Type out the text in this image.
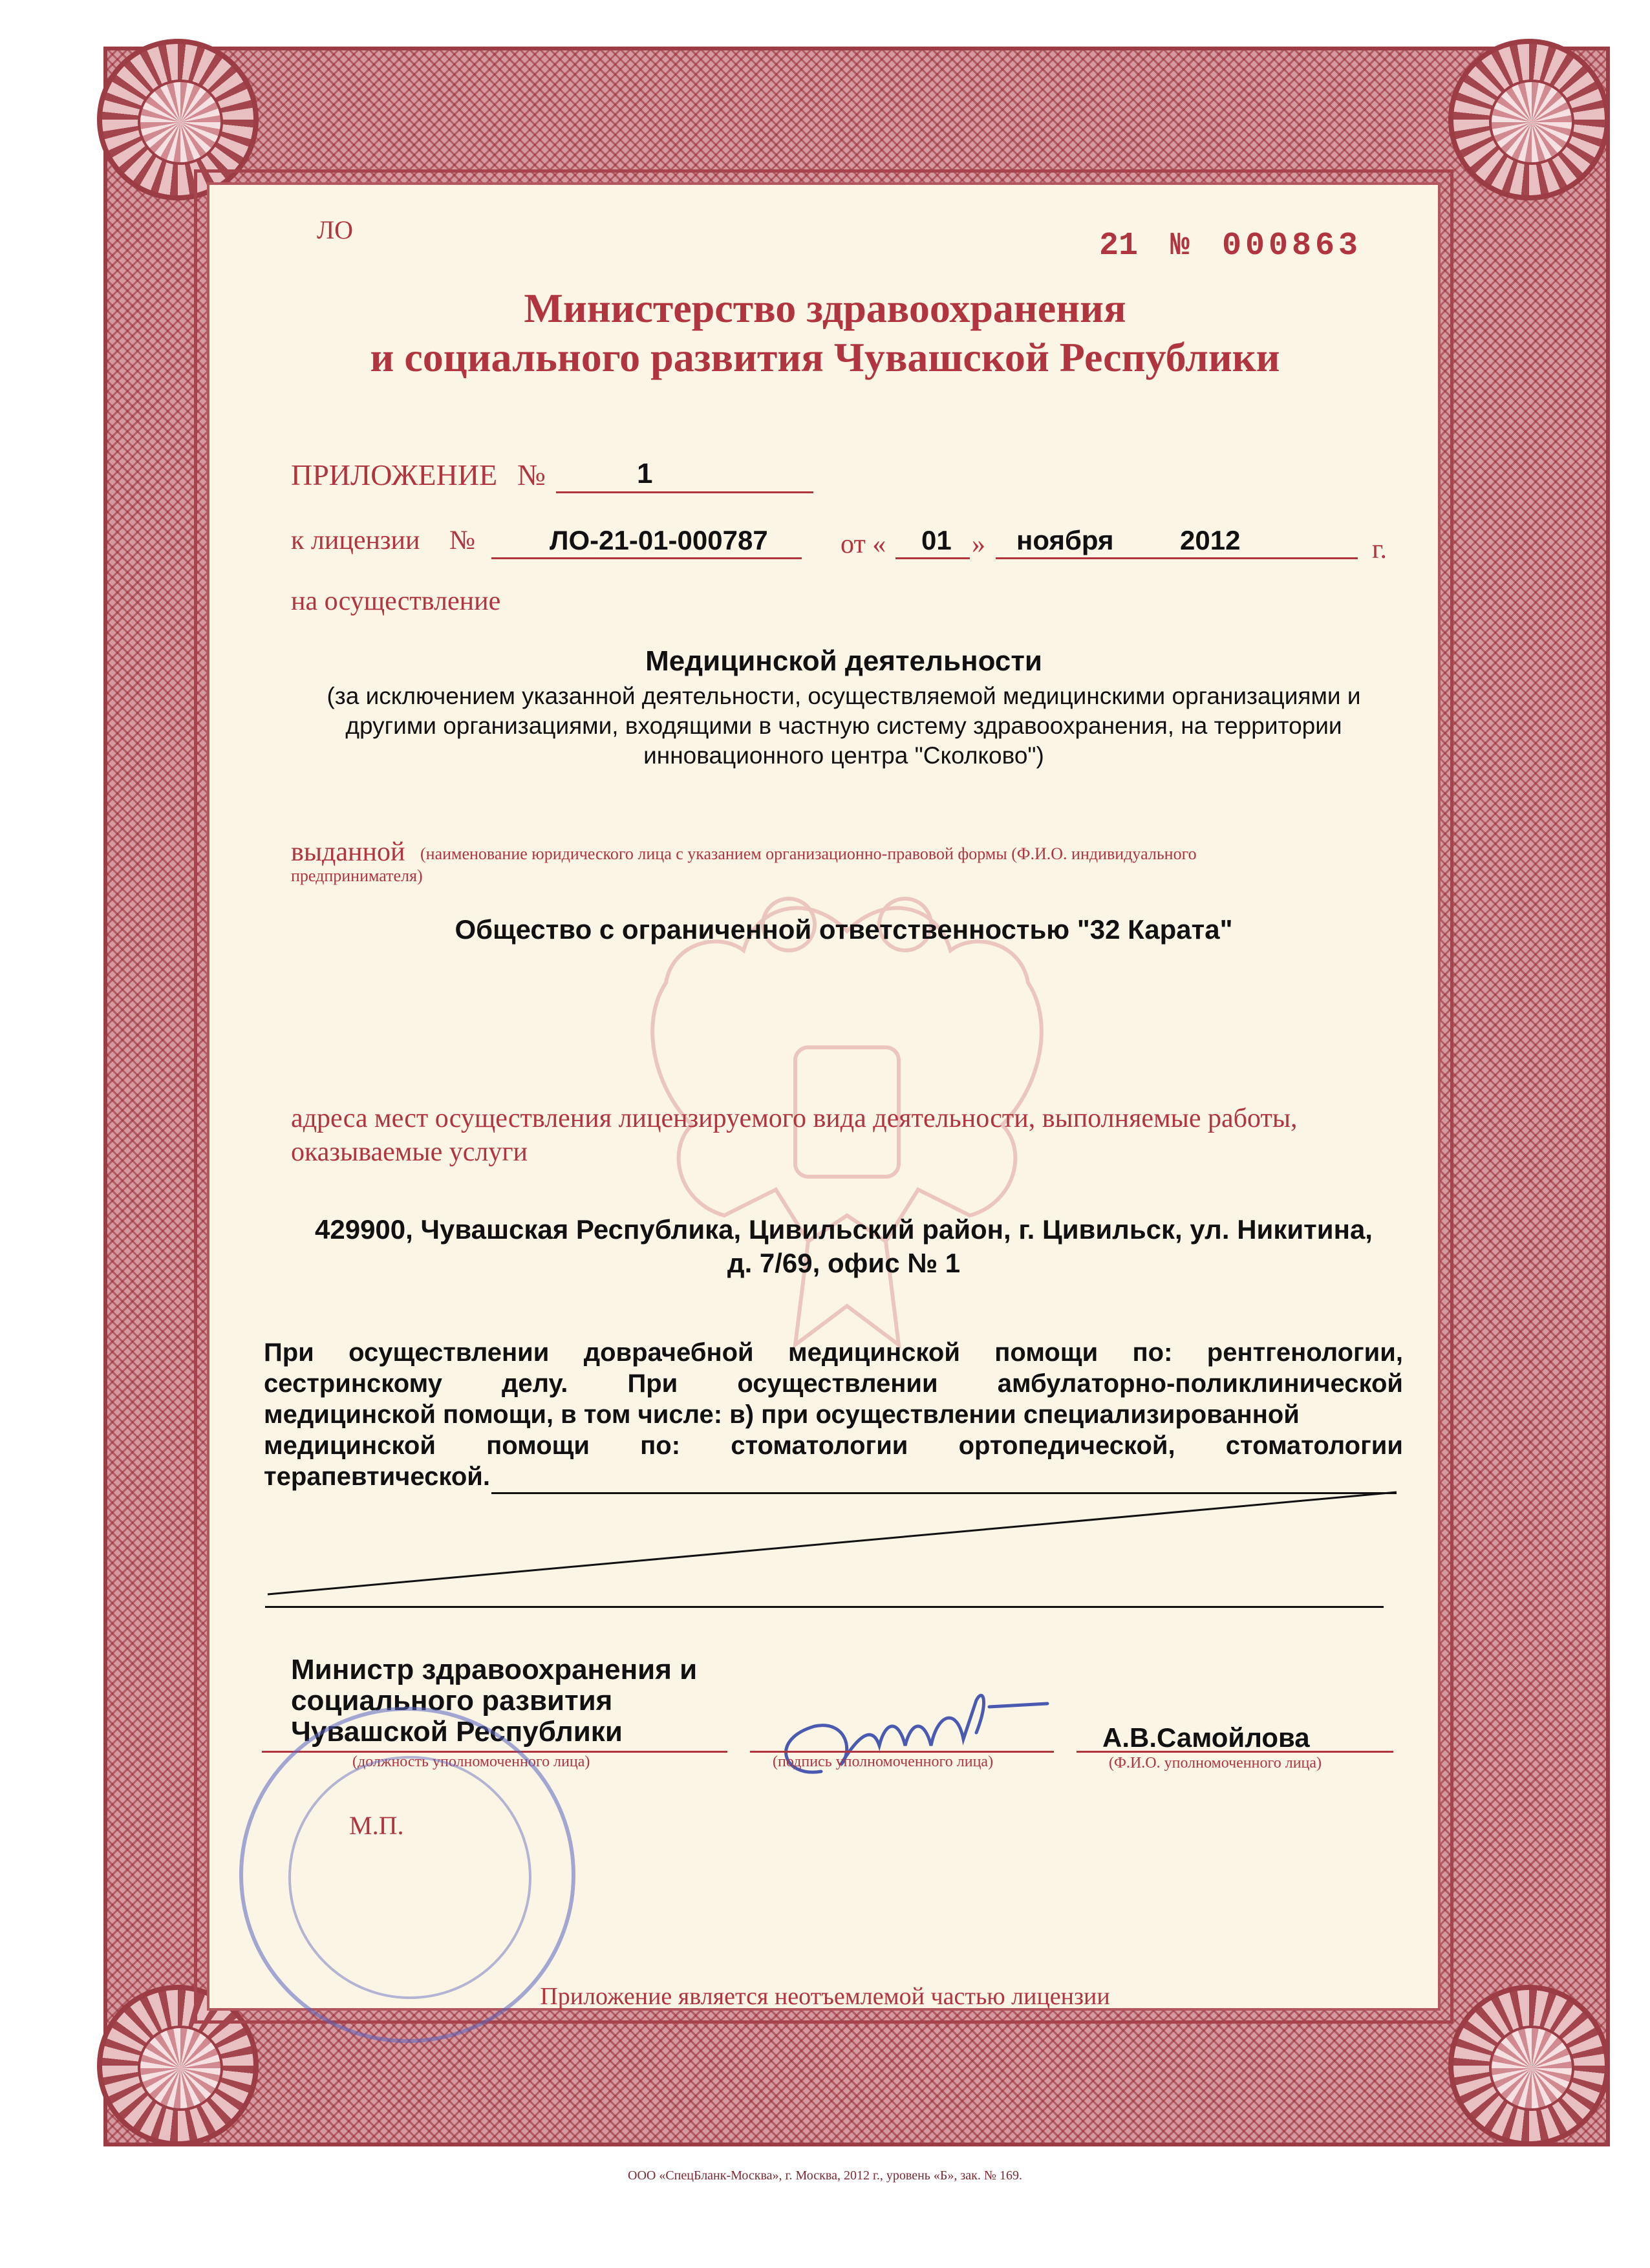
ЛО	21 № 000863
Министерство здравоохранения
и социального развития Чувашской Республики
ПРИЛОЖЕНИЕ №	1
к лицензии №	ЛО-21-01-000787	от « 01 » ноября 2012	г.
на осуществление
Медицинской деятельности
(за исключением указанной деятельности, осуществляемой медицинскими организациями и
другими организациями, входящими в частную систему здравоохранения, на территории
инновационного центра "Сколково")
выданной (наименование юридического лица с указанием организационно-правовой формы (Ф.И.О. индивидуального
предпринимателя)
Общество с ограниченной ответственностью "32 Карата"
адреса мест осуществления лицензируемого вида деятельности, выполняемые работы,
оказываемые услуги
429900, Чувашская Республика, Цивильский район, г. Цивильск, ул. Никитина,
д. 7/69, офис № 1
При осуществлении доврачебной медицинской помощи по: рентгенологии,
сестринскому делу. При осуществлении амбулаторно-поликлинической
медицинской помощи, в том числе: в) при осуществлении специализированной
медицинской помощи по: стоматологии ортопедической, стоматологии
терапевтической.
Министр здравоохранения и
социального развития
Чувашской Республики
(должность уполномоченного лица)	(подпись уполномоченного лица)
А.В.Самойлова
(Ф.И.О. уполномоченного лица)
М.П.
Приложение является неотъемлемой частью лицензии
ООО «СпецБланк-Москва», г. Москва, 2012 г., уровень «Б», зак. № 169.
